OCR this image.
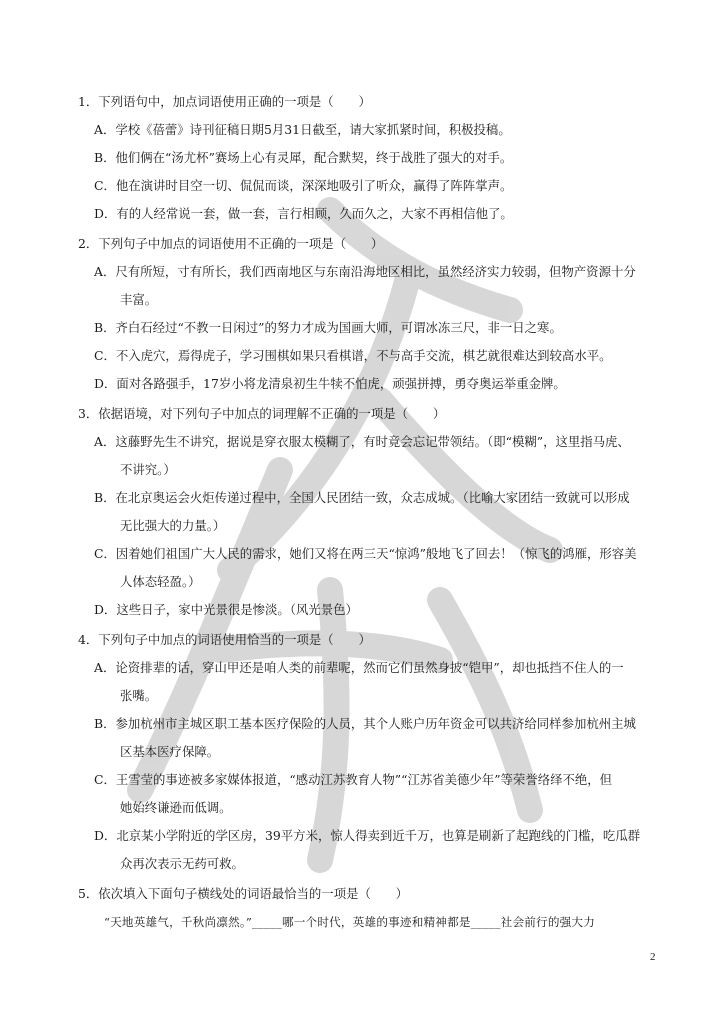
1．下列语句中，加点词语使用正确的一项是（　　）
A．学校《蓓蕾》诗刊征稿日期5月31日截至，请大家抓紧时间，积极投稿。
B．他们俩在“汤尤杯”赛场上心有灵犀，配合默契，终于战胜了强大的对手。
C．他在演讲时目空一切、侃侃而谈，深深地吸引了听众，赢得了阵阵掌声。
D．有的人经常说一套，做一套，言行相顾，久而久之，大家不再相信他了。
2．下列句子中加点的词语使用不正确的一项是（　　）
A．尺有所短，寸有所长，我们西南地区与东南沿海地区相比，虽然经济实力较弱，但物产资源十分
丰富。
B．齐白石经过“不教一日闲过”的努力才成为国画大师，可谓冰冻三尺，非一日之寒。
C．不入虎穴，焉得虎子，学习围棋如果只看棋谱，不与高手交流，棋艺就很难达到较高水平。
D．面对各路强手，17岁小将龙清泉初生牛犊不怕虎，顽强拼搏，勇夺奥运举重金牌。
3．依据语境，对下列句子中加点的词理解不正确的一项是（　　）
A．这藤野先生不讲究，据说是穿衣服太模糊了，有时竟会忘记带领结。（即“模糊”，这里指马虎、
不讲究。）
B．在北京奥运会火炬传递过程中，全国人民团结一致，众志成城。（比喻大家团结一致就可以形成
无比强大的力量。）
C．因着她们祖国广大人民的需求，她们又将在两三天“惊鸿”般地飞了回去！（惊飞的鸿雁，形容美
人体态轻盈。）
D．这些日子，家中光景很是惨淡。（风光景色）
4．下列句子中加点的词语使用恰当的一项是（　　）
A．论资排辈的话，穿山甲还是咱人类的前辈呢，然而它们虽然身披“铠甲”，却也抵挡不住人的一
张嘴。
B．参加杭州市主城区职工基本医疗保险的人员，其个人账户历年资金可以共济给同样参加杭州主城
区基本医疗保障。
C．王雪莹的事迹被多家媒体报道，“感动江苏教育人物”“江苏省美德少年”等荣誉络绎不绝，但
她始终谦逊而低调。
D．北京某小学附近的学区房，39平方米，惊人得卖到近千万，也算是刷新了起跑线的门槛，吃瓜群
众再次表示无药可救。
5．依次填入下面句子横线处的词语最恰当的一项是（　　）
“天地英雄气，千秋尚凛然。”_____哪一个时代，英雄的事迹和精神都是_____社会前行的强大力
2
